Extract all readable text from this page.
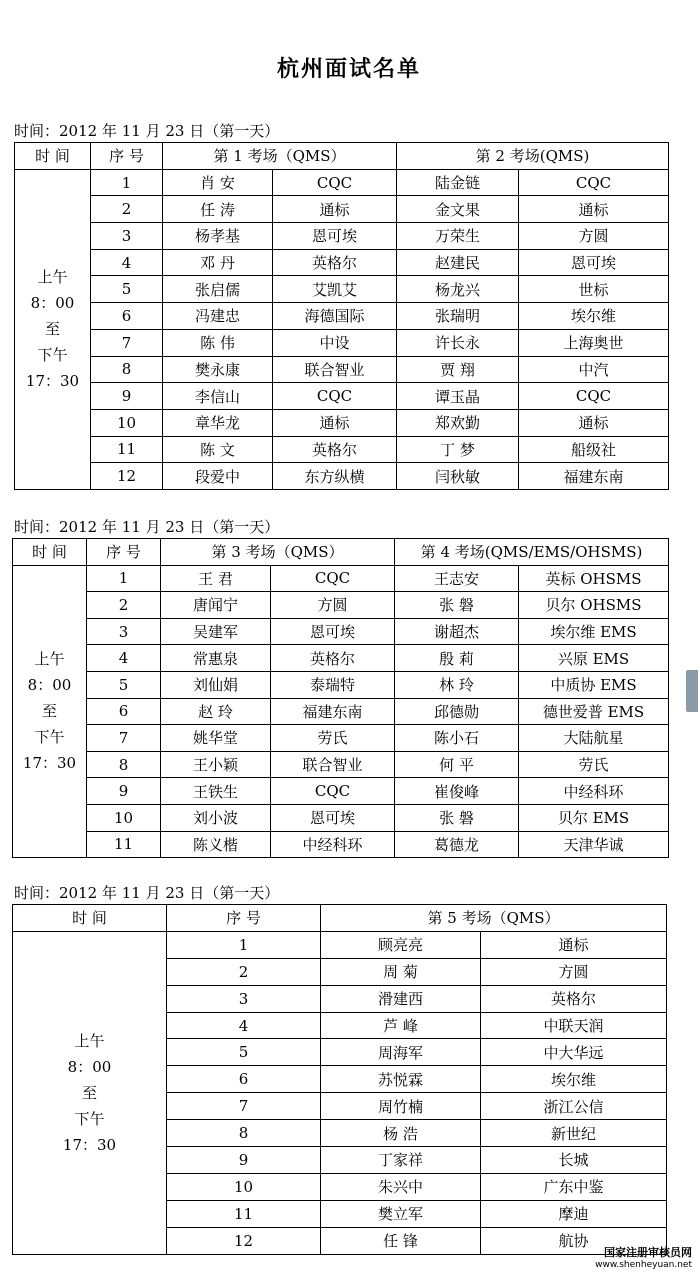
杭州面试名单
时间：2012 年 11 月 23 日（第一天）
时 间	序 号	第 1 考场（QMS）		第 2 考场(QMS)	

上午
8：00
至
下午
17：30	1	肖 安	CQC	陆金链	CQC
	2	任 涛	通标	金文果	通标
	3	杨孝基	恩可埃	万荣生	方圆
	4	邓 丹	英格尔	赵建民	恩可埃
	5	张启儒	艾凯艾	杨龙兴	世标
	6	冯建忠	海德国际	张瑞明	埃尔维
	7	陈 伟	中设	许长永	上海奥世
	8	樊永康	联合智业	贾 翔	中汽
	9	李信山	CQC	谭玉晶	CQC
	10	章华龙	通标	郑欢勤	通标
	11	陈 文	英格尔	丁 梦	船级社
	12	段爱中	东方纵横	闫秋敏	福建东南
时间：2012 年 11 月 23 日（第一天）
时 间	序 号	第 3 考场（QMS）		第 4 考场(QMS/EMS/OHSMS)	

上午
8：00
至
下午
17：30	1	王 君	CQC	王志安	英标 OHSMS
	2	唐闻宁	方圆	张 磐	贝尔 OHSMS
	3	吴建军	恩可埃	谢超杰	埃尔维 EMS
	4	常惠泉	英格尔	殷 莉	兴原 EMS
	5	刘仙娟	泰瑞特	林 玲	中质协 EMS
	6	赵 玲	福建东南	邱德勋	德世爱普 EMS
	7	姚华堂	劳氏	陈小石	大陆航星
	8	王小颖	联合智业	何 平	劳氏
	9	王铁生	CQC	崔俊峰	中经科环
	10	刘小波	恩可埃	张 磐	贝尔 EMS
	11	陈义楷	中经科环	葛德龙	天津华诚
时间：2012 年 11 月 23 日（第一天）
时 间	序 号	第 5 考场（QMS）	

上午
8：00
至
下午
17：30	1	顾亮亮	通标
	2	周 菊	方圆
	3	滑建西	英格尔
	4	芦 峰	中联天润
	5	周海军	中大华远
	6	苏悦霖	埃尔维
	7	周竹楠	浙江公信
	8	杨 浩	新世纪
	9	丁家祥	长城
	10	朱兴中	广东中鉴
	11	樊立军	摩迪
	12	任 锋	航协
国家注册审核员网
www.shenheyuan.net
